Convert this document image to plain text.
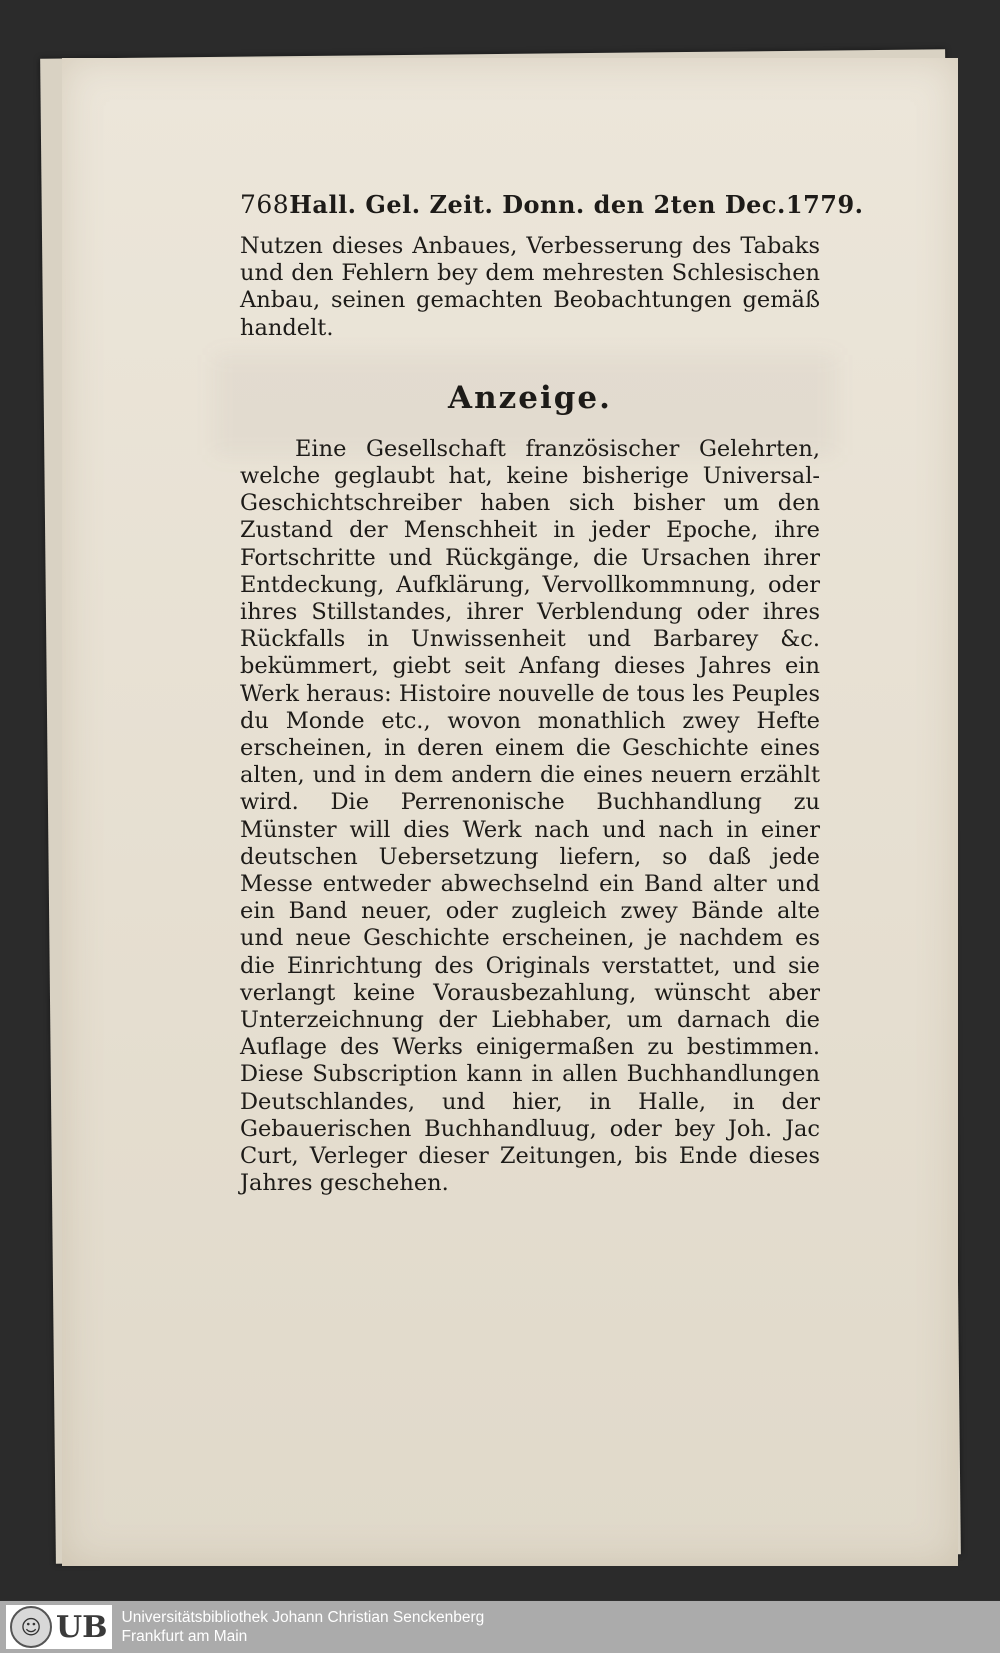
768 Hall. Gel. Zeit. Donn. den 2ten Dec.1779.

Nutzen dieses Anbaues, Verbesserung des Tabaks und den Fehlern bey dem mehresten Schlesischen Anbau, seinen gemachten Beobachtungen gemäß handelt.

Anzeige.

Eine Gesellschaft französischer Gelehrten, welche geglaubt hat, keine bisherige Universal-Geschichtschreiber haben sich bisher um den Zustand der Menschheit in jeder Epoche, ihre Fortschritte und Rückgänge, die Ursachen ihrer Entdeckung, Aufklärung, Vervollkommnung, oder ihres Stillstandes, ihrer Verblendung oder ihres Rückfalls in Unwissenheit und Barbarey &c. bekümmert, giebt seit Anfang dieses Jahres ein Werk heraus: Histoire nouvelle de tous les Peuples du Monde etc., wovon monathlich zwey Hefte erscheinen, in deren einem die Geschichte eines alten, und in dem andern die eines neuern erzählt wird. Die Perrenonische Buchhandlung zu Münster will dies Werk nach und nach in einer deutschen Uebersetzung liefern, so daß jede Messe entweder abwechselnd ein Band alter und ein Band neuer, oder zugleich zwey Bände alte und neue Geschichte erscheinen, je nachdem es die Einrichtung des Originals verstattet, und sie verlangt keine Vorausbezahlung, wünscht aber Unterzeichnung der Liebhaber, um darnach die Auflage des Werks einigermaßen zu bestimmen. Diese Subscription kann in allen Buchhandlungen Deutschlandes, und hier, in Halle, in der Gebauerischen Buchhandluug, oder bey Joh. Jac Curt, Verleger dieser Zeitungen, bis Ende dieses Jahres geschehen.

☺ UB Universitätsbibliothek Johann Christian Senckenberg
Frankfurt am Main
